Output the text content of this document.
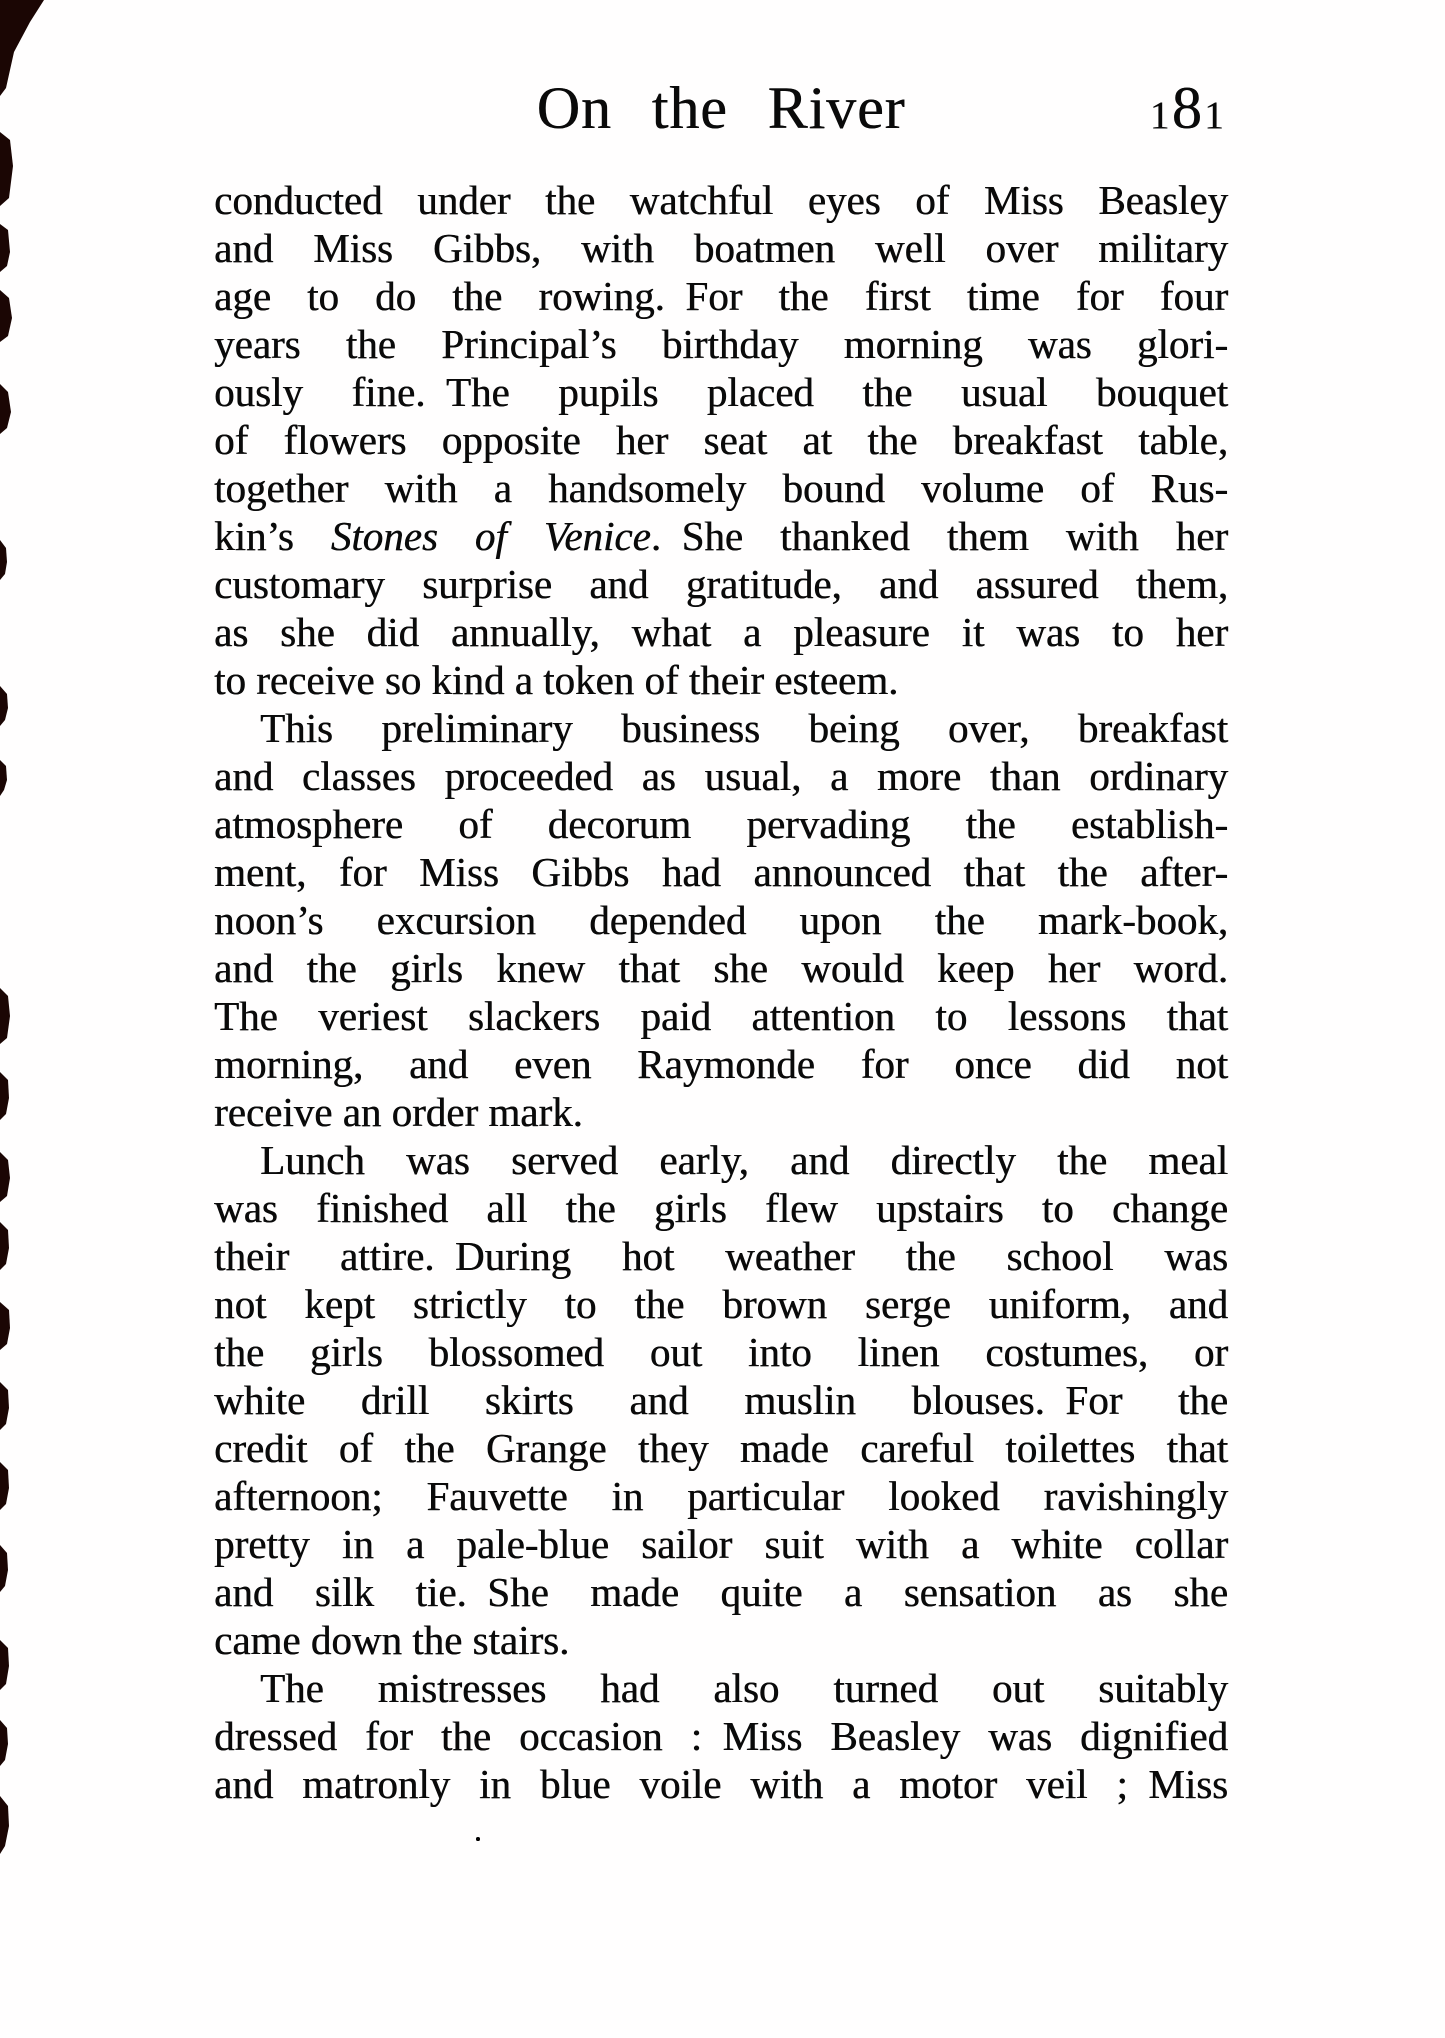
On the River	181
conducted under the watchful eyes of Miss Beasley
and Miss Gibbs, with boatmen well over military
age to do the rowing. For the first time for four
years the Principal’s birthday morning was glori-
ously fine. The pupils placed the usual bouquet
of flowers opposite her seat at the breakfast table,
together with a handsomely bound volume of Rus-
kin’s Stones of Venice. She thanked them with her
customary surprise and gratitude, and assured them,
as she did annually, what a pleasure it was to her
to receive so kind a token of their esteem.
This preliminary business being over, breakfast
and classes proceeded as usual, a more than ordinary
atmosphere of decorum pervading the establish-
ment, for Miss Gibbs had announced that the after-
noon’s excursion depended upon the mark-book,
and the girls knew that she would keep her word.
The veriest slackers paid attention to lessons that
morning, and even Raymonde for once did not
receive an order mark.
Lunch was served early, and directly the meal
was finished all the girls flew upstairs to change
their attire. During hot weather the school was
not kept strictly to the brown serge uniform, and
the girls blossomed out into linen costumes, or
white drill skirts and muslin blouses. For the
credit of the Grange they made careful toilettes that
afternoon; Fauvette in particular looked ravishingly
pretty in a pale-blue sailor suit with a white collar
and silk tie. She made quite a sensation as she
came down the stairs.
The mistresses had also turned out suitably
dressed for the occasion : Miss Beasley was dignified
and matronly in blue voile with a motor veil ; Miss
